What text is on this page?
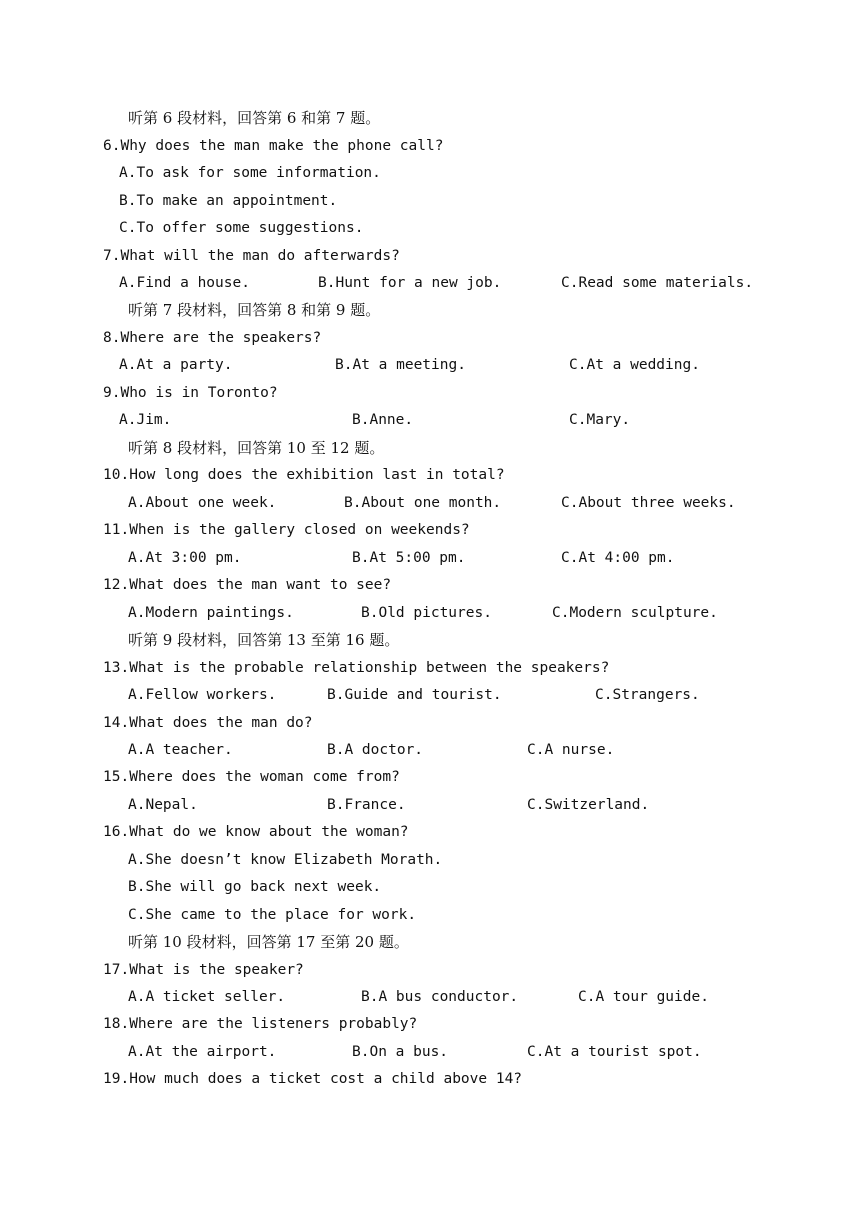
听第 6 段材料，回答第 6 和第 7 题。
6.Why does the man make the phone call?
A.To ask for some information.
B.To make an appointment.
C.To offer some suggestions.
7.What will the man do afterwards?
A.Find a house.	B.Hunt for a new job.	C.Read some materials.
听第 7 段材料，回答第 8 和第 9 题。
8.Where are the speakers?
A.At a party.	B.At a meeting.	C.At a wedding.
9.Who is in Toronto?
A.Jim.	B.Anne.	C.Mary.
听第 8 段材料，回答第 10 至 12 题。
10.How long does the exhibition last in total?
A.About one week.	B.About one month.	C.About three weeks.
11.When is the gallery closed on weekends?
A.At 3:00 pm.	B.At 5:00 pm.	C.At 4:00 pm.
12.What does the man want to see?
A.Modern paintings.	B.Old pictures.	C.Modern sculpture.
听第 9 段材料，回答第 13 至第 16 题。
13.What is the probable relationship between the speakers?
A.Fellow workers.	B.Guide and tourist.	C.Strangers.
14.What does the man do?
A.A teacher.	B.A doctor.	C.A nurse.
15.Where does the woman come from?
A.Nepal.	B.France.	C.Switzerland.
16.What do we know about the woman?
A.She doesn’t know Elizabeth Morath.
B.She will go back next week.
C.She came to the place for work.
听第 10 段材料，回答第 17 至第 20 题。
17.What is the speaker?
A.A ticket seller.	B.A bus conductor.	C.A tour guide.
18.Where are the listeners probably?
A.At the airport.	B.On a bus.	C.At a tourist spot.
19.How much does a ticket cost a child above 14?
